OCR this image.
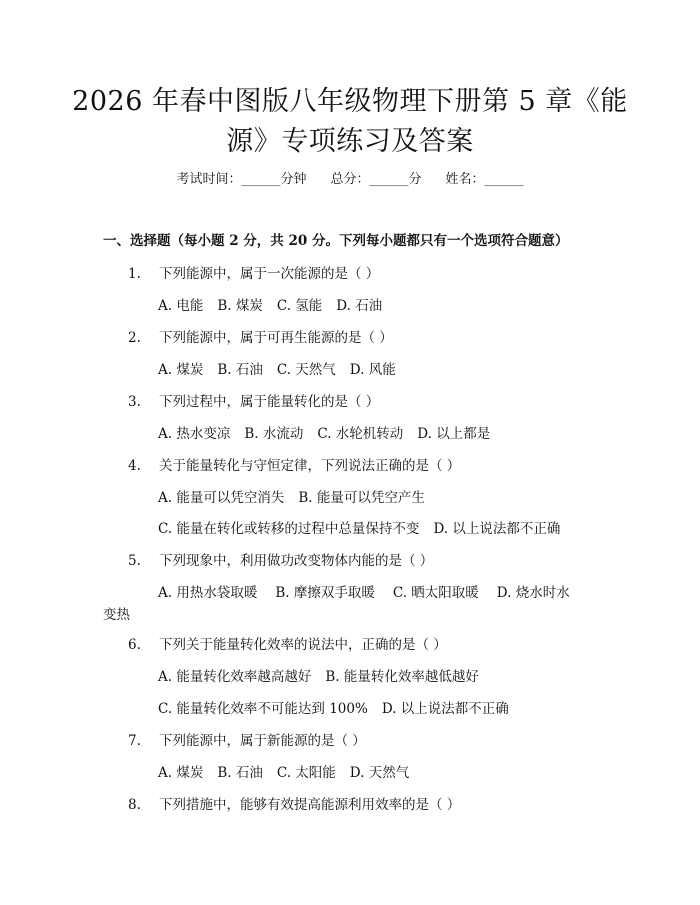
2026 年春中图版八年级物理下册第 5 章《能
源》专项练习及答案
考试时间：______分钟 总分：______分 姓名：______
一、选择题（每小题 2 分，共 20 分。下列每小题都只有一个选项符合题意）
1. 下列能源中，属于一次能源的是（ ）
A. 电能 B. 煤炭 C. 氢能 D. 石油
2. 下列能源中，属于可再生能源的是（ ）
A. 煤炭 B. 石油 C. 天然气 D. 风能
3. 下列过程中，属于能量转化的是（ ）
A. 热水变凉 B. 水流动 C. 水轮机转动 D. 以上都是
4. 关于能量转化与守恒定律，下列说法正确的是（ ）
A. 能量可以凭空消失 B. 能量可以凭空产生
C. 能量在转化或转移的过程中总量保持不变 D. 以上说法都不正确
5. 下列现象中，利用做功改变物体内能的是（ ）
A. 用热水袋取暖 B. 摩擦双手取暖 C. 晒太阳取暖 D. 烧水时水
变热
6. 下列关于能量转化效率的说法中，正确的是（ ）
A. 能量转化效率越高越好 B. 能量转化效率越低越好
C. 能量转化效率不可能达到 100% D. 以上说法都不正确
7. 下列能源中，属于新能源的是（ ）
A. 煤炭 B. 石油 C. 太阳能 D. 天然气
8. 下列措施中，能够有效提高能源利用效率的是（ ）
